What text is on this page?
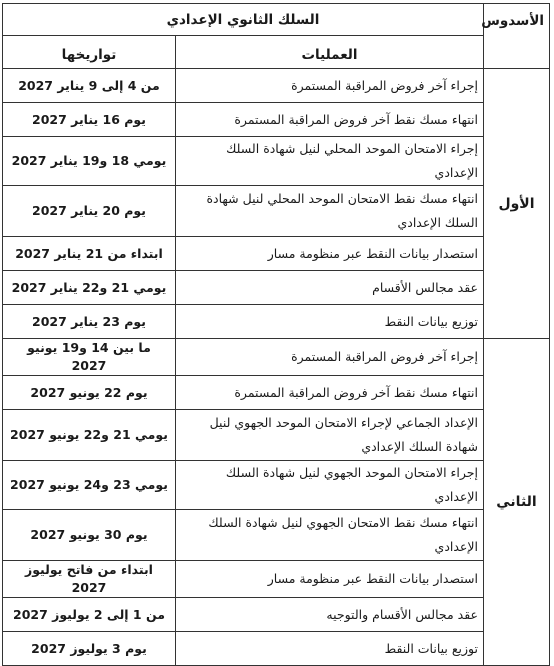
الأسدوس	السلك الثانوي الإعدادي	
	العمليات	تواريخها
الأول	إجراء آخر فروض المراقبة المستمرة	من 4 إلى 9 يناير 2027
	انتهاء مسك نقط آخر فروض المراقبة المستمرة	يوم 16 يناير 2027
	إجراء الامتحان الموحد المحلي لنيل شهادة السلك الإعدادي	يومي 18 و19 يناير 2027
	انتهاء مسك نقط الامتحان الموحد المحلي لنيل شهادة السلك الإعدادي	يوم 20 يناير 2027
	استصدار بيانات النقط عبر منظومة مسار	ابتداء من 21 يناير 2027
	عقد مجالس الأقسام	يومي 21 و22 يناير 2027
	توزيع بيانات النقط	يوم 23 يناير 2027
الثاني	إجراء آخر فروض المراقبة المستمرة	ما بين 14 و19 يونيو 2027
	انتهاء مسك نقط آخر فروض المراقبة المستمرة	يوم 22 يونيو 2027
	الإعداد الجماعي لإجراء الامتحان الموحد الجهوي لنيل شهادة السلك الإعدادي	يومي 21 و22 يونيو 2027
	إجراء الامتحان الموحد الجهوي لنيل شهادة السلك الإعدادي	يومي 23 و24 يونيو 2027
	انتهاء مسك نقط الامتحان الجهوي لنيل شهادة السلك الإعدادي	يوم 30 يونيو 2027
	استصدار بيانات النقط عبر منظومة مسار	ابتداء من فاتح يوليوز 2027
	عقد مجالس الأقسام والتوجيه	من 1 إلى 2 يوليوز 2027
	توزيع بيانات النقط	يوم 3 يوليوز 2027
